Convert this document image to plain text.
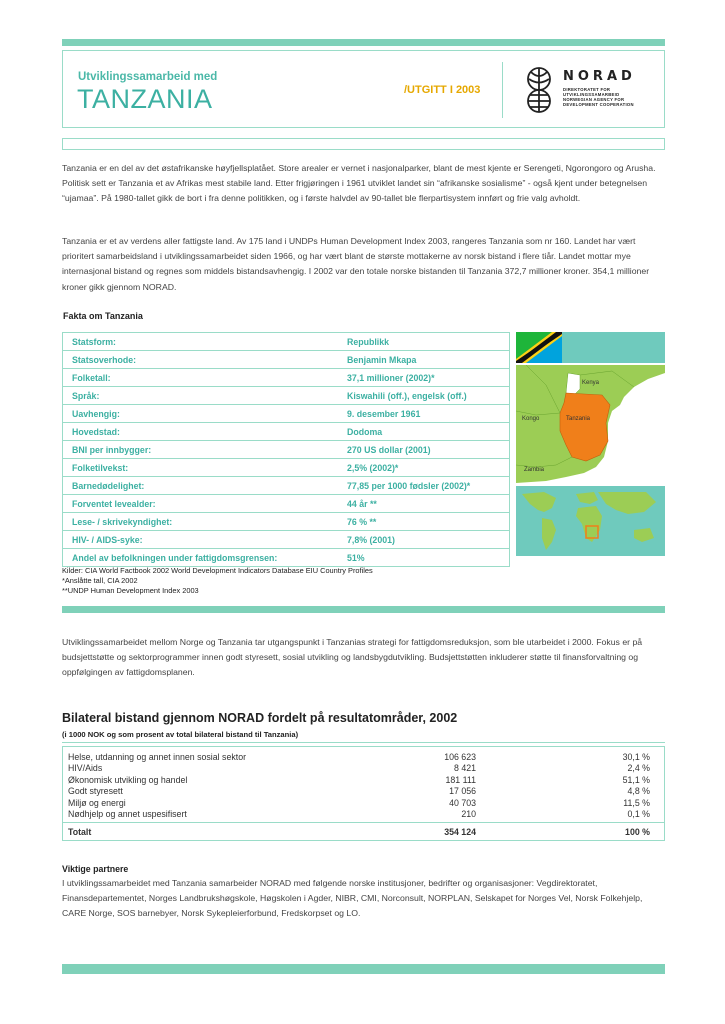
Utviklingssamarbeid med
TANZANIA	/UTGITT I 2003
NORAD
DIREKTORATET FOR
UTVIKLINGSSAMARBEID
NORWEGIAN AGENCY FOR
DEVELOPMENT COOPERATION
Tanzania er en del av det østafrikanske høyfjellsplatået. Store arealer er vernet i nasjonalparker, blant de mest kjente er Serengeti, Ngorongoro og Arusha. Politisk sett er Tanzania et av Afrikas mest stabile land. Etter frigjøringen i 1961 utviklet landet sin “afrikanske sosialisme” - også kjent under betegnelsen “ujamaa”. På 1980-tallet gikk de bort i fra denne politikken, og i første halvdel av 90-tallet ble flerpartisystem innført og frie valg avholdt.
Tanzania er et av verdens aller fattigste land. Av 175 land i UNDPs Human Development Index 2003, rangeres Tanzania som nr 160. Landet har vært prioritert samarbeidsland i utviklingssamarbeidet siden 1966, og har vært blant de største mottakerne av norsk bistand i flere tiår. Landet mottar mye internasjonal bistand og regnes som middels bistandsavhengig. I 2002 var den totale norske bistanden til Tanzania 372,7 millioner kroner. 354,1 millioner kroner gikk gjennom NORAD.
Fakta om Tanzania
Statsform:	Republikk
Statsoverhode:	Benjamin Mkapa
Folketall:	37,1 millioner (2002)*
Språk:	Kiswahili (off.), engelsk (off.)
Uavhengig:	9. desember 1961
Hovedstad:	Dodoma
BNI per innbygger:	270 US dollar (2001)
Folketilvekst:	2,5% (2002)*
Barnedødelighet:	77,85 per 1000 fødsler (2002)*
Forventet levealder:	44 år **
Lese- / skrivekyndighet:	76 % **
HIV- / AIDS-syke:	7,8% (2001)
Andel av befolkningen under fattigdomsgrensen:	51%
Kilder: CIA World Factbook 2002 World Development Indicators Database EIU Country Profiles
*Anslåtte tall, CIA 2002
**UNDP Human Development Index 2003
Kenya
Kongo	Tanzania
Zambia
Utviklingssamarbeidet mellom Norge og Tanzania tar utgangspunkt i Tanzanias strategi for fattigdomsreduksjon, som ble utarbeidet i 2000. Fokus er på budsjettstøtte og sektorprogrammer innen godt styresett, sosial utvikling og landsbygdutvikling. Budsjettstøtten inkluderer støtte til finansforvaltning og oppfølgingen av fattigdomsplanen.
Bilateral bistand gjennom NORAD fordelt på resultatområder, 2002
(i 1000 NOK og som prosent av total bilateral bistand til Tanzania)
Totalt	354 124	100 %
Helse, utdanning og annet innen sosial sektor	106 623	30,1 %
HIV/Aids	8 421	2,4 %
Økonomisk utvikling og handel	181 111	51,1 %
Godt styresett	17 056	4,8 %
Miljø og energi	40 703	11,5 %
Nødhjelp og annet uspesifisert	210	0,1 %
Viktige partnere
I utviklingssamarbeidet med Tanzania samarbeider NORAD med følgende norske institusjoner, bedrifter og organisasjoner: Vegdirektoratet, Finansdepartementet, Norges Landbrukshøgskole, Høgskolen i Agder, NIBR, CMI, Norconsult, NORPLAN, Selskapet for Norges Vel, Norsk Folkehjelp, CARE Norge, SOS barnebyer, Norsk Sykepleierforbund, Fredskorpset og LO.
